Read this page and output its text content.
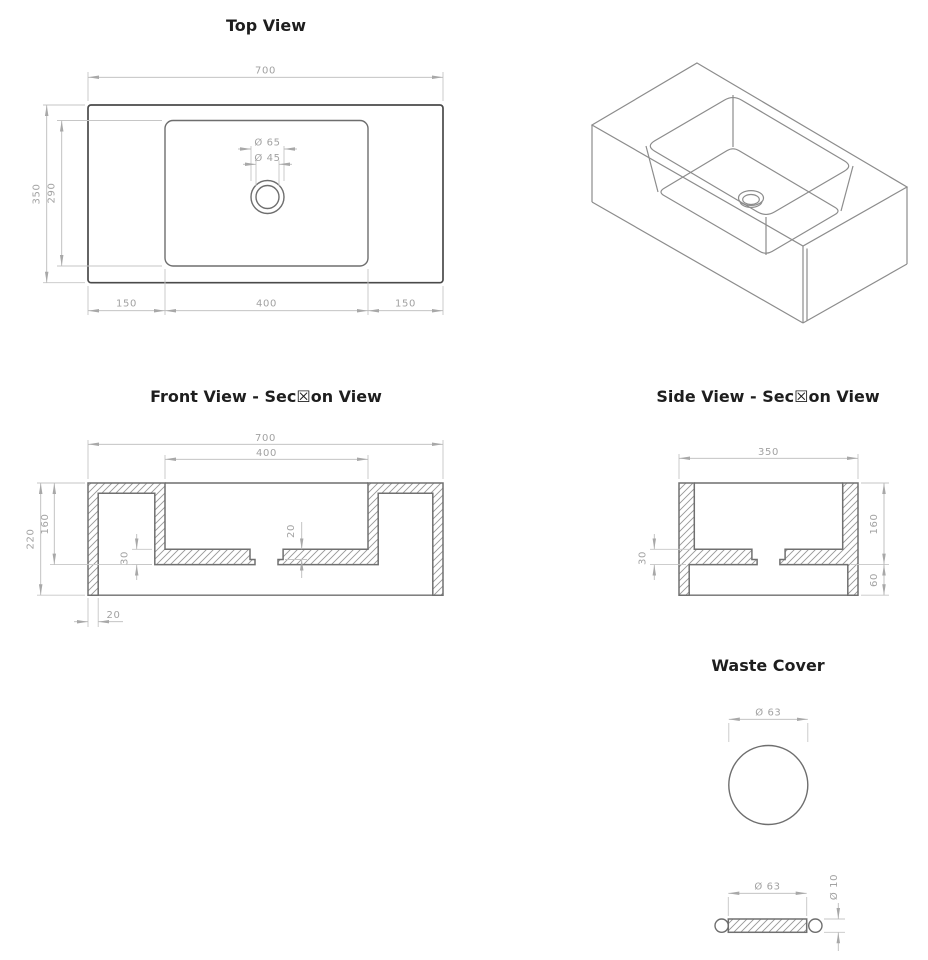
Top View
700
350 290
Ø 65
Ø 45
150	400	150
Front View - Sec☒on View
700
400
220
160
30
20
20
Side View - Sec☒on View
350
160
60
30
Waste Cover
Ø 63
Ø 63	Ø 10
